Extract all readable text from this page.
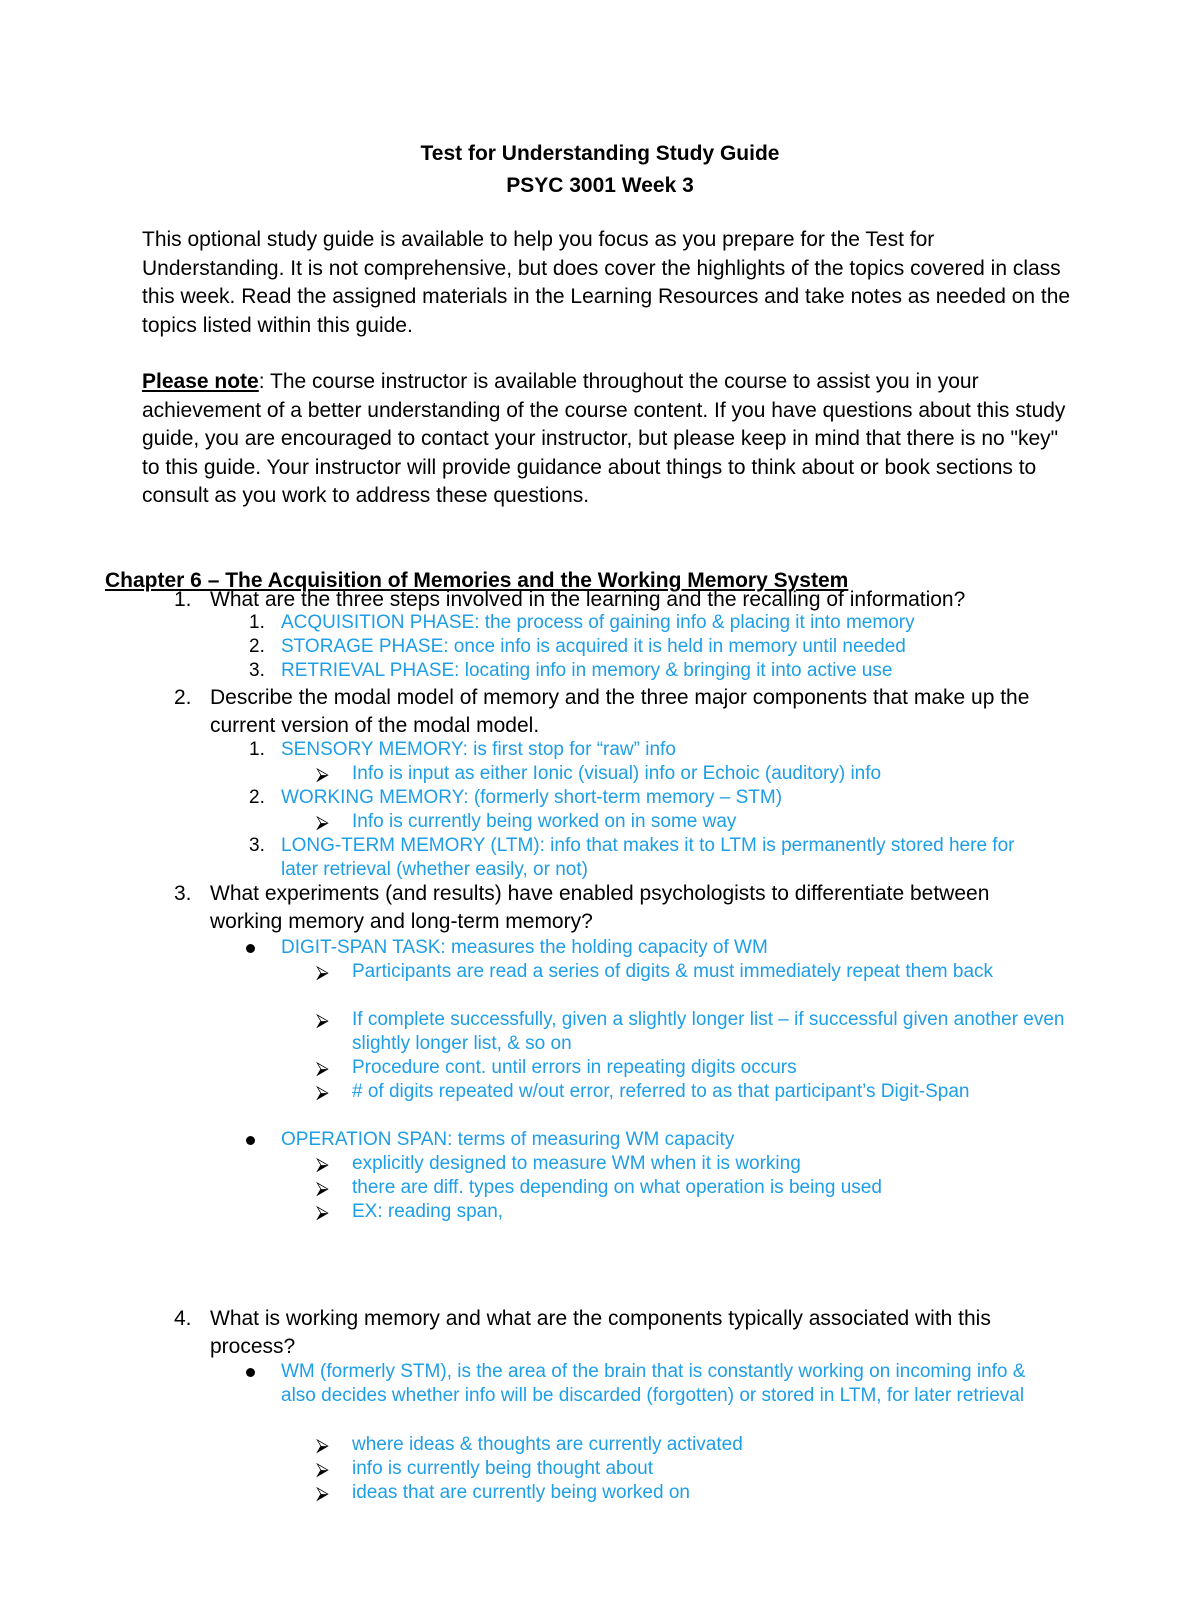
Test for Understanding Study Guide
PSYC 3001 Week 3
This optional study guide is available to help you focus as you prepare for the Test for Understanding. It is not comprehensive, but does cover the highlights of the topics covered in class this week. Read the assigned materials in the Learning Resources and take notes as needed on the topics listed within this guide.
Please note: The course instructor is available throughout the course to assist you in your achievement of a better understanding of the course content. If you have questions about this study guide, you are encouraged to contact your instructor, but please keep in mind that there is no "key" to this guide. Your instructor will provide guidance about things to think about or book sections to consult as you work to address these questions.
Chapter 6 – The Acquisition of Memories and the Working Memory System
1. What are the three steps involved in the learning and the recalling of information?
1. ACQUISITION PHASE: the process of gaining info & placing it into memory
2. STORAGE PHASE: once info is acquired it is held in memory until needed
3. RETRIEVAL PHASE: locating info in memory & bringing it into active use
2. Describe the modal model of memory and the three major components that make up the current version of the modal model.
1. SENSORY MEMORY: is first stop for “raw” info
⮚ Info is input as either Ionic (visual) info or Echoic (auditory) info
2. WORKING MEMORY: (formerly short-term memory – STM)
⮚ Info is currently being worked on in some way
3. LONG-TERM MEMORY (LTM): info that makes it to LTM is permanently stored here for later retrieval (whether easily, or not)
3. What experiments (and results) have enabled psychologists to differentiate between working memory and long-term memory?
DIGIT-SPAN TASK: measures the holding capacity of WM
⮚ Participants are read a series of digits & must immediately repeat them back
⮚ If complete successfully, given a slightly longer list – if successful given another even slightly longer list, & so on
⮚ Procedure cont. until errors in repeating digits occurs
⮚ # of digits repeated w/out error, referred to as that participant’s Digit-Span
OPERATION SPAN: terms of measuring WM capacity
⮚ explicitly designed to measure WM when it is working
⮚ there are diff. types depending on what operation is being used
⮚ EX: reading span,
4. What is working memory and what are the components typically associated with this process?
WM (formerly STM), is the area of the brain that is constantly working on incoming info & also decides whether info will be discarded (forgotten) or stored in LTM, for later retrieval
⮚ where ideas & thoughts are currently activated
⮚ info is currently being thought about
⮚ ideas that are currently being worked on
